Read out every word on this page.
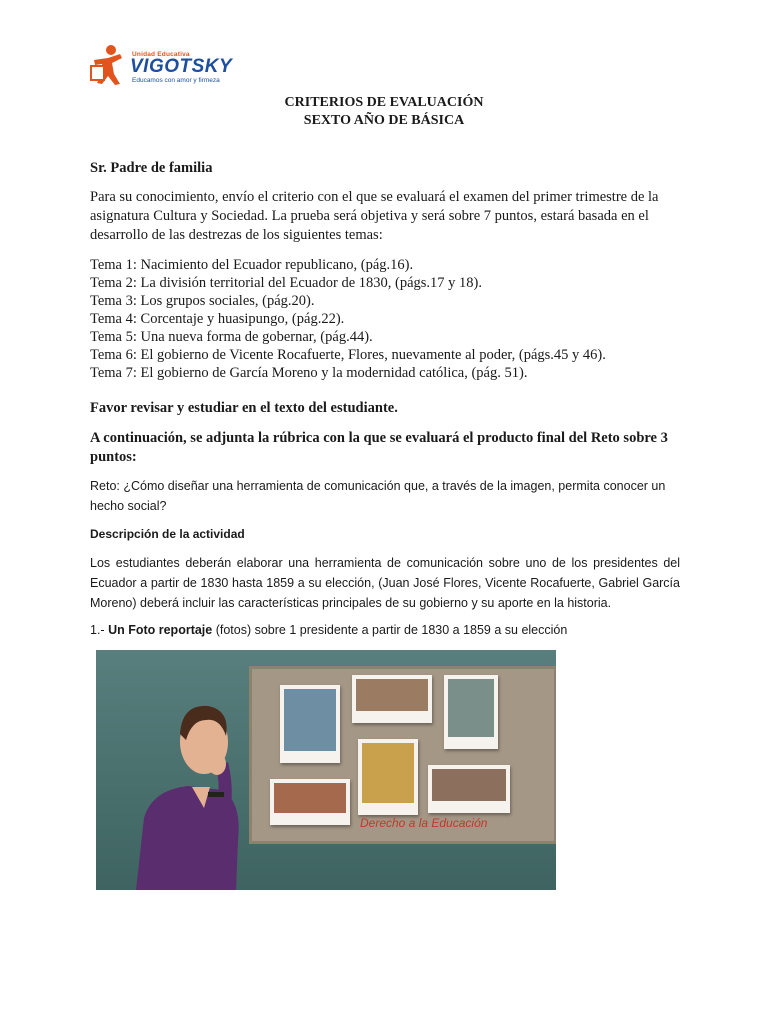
Unidad Educativa
VIGOTSKY
Educamos con amor y firmeza
CRITERIOS DE EVALUACIÓN
SEXTO AÑO DE BÁSICA
Sr. Padre de familia
Para su conocimiento, envío el criterio con el que se evaluará el examen del primer trimestre de la asignatura Cultura y Sociedad. La prueba será objetiva y será sobre 7 puntos, estará basada en el desarrollo de las destrezas de los siguientes temas:
Tema 1: Nacimiento del Ecuador republicano, (pág.16).
Tema 2: La división territorial del Ecuador de 1830, (págs.17 y 18).
Tema 3: Los grupos sociales, (pág.20).
Tema 4: Corcentaje y huasipungo, (pág.22).
Tema 5: Una nueva forma de gobernar, (pág.44).
Tema 6: El gobierno de Vicente Rocafuerte, Flores, nuevamente al poder, (págs.45 y 46).
Tema 7: El gobierno de García Moreno y la modernidad católica, (pág. 51).
Favor revisar y estudiar en el texto del estudiante.
A continuación, se adjunta la rúbrica con la que se evaluará el producto final del Reto sobre 3 puntos:
Reto: ¿Cómo diseñar una herramienta de comunicación que, a través de la imagen, permita conocer un hecho social?
Descripción de la actividad
Los estudiantes deberán elaborar una herramienta de comunicación sobre uno de los presidentes del Ecuador a partir de 1830 hasta 1859 a su elección, (Juan José Flores, Vicente Rocafuerte, Gabriel García Moreno) deberá incluir las características principales de su gobierno y su aporte en la historia.
1.- Un Foto reportaje (fotos) sobre 1 presidente a partir de 1830 a 1859 a su elección
Derecho a la Educación
